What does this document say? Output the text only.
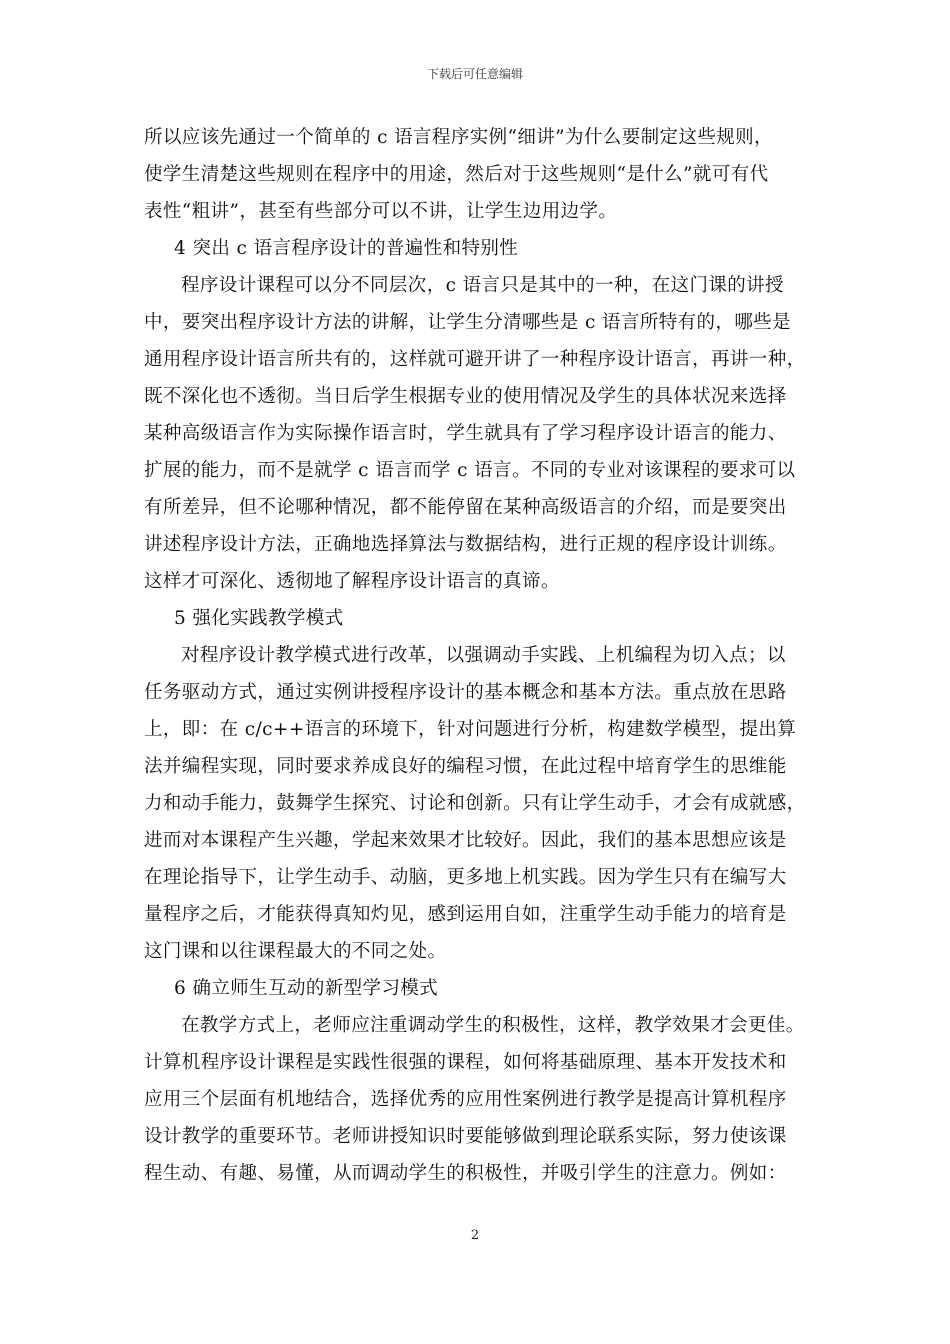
下载后可任意编辑
所以应该先通过一个简单的 c 语言程序实例“细讲”为什么要制定这些规则，
使学生清楚这些规则在程序中的用途，然后对于这些规则“是什么”就可有代
表性“粗讲”，甚至有些部分可以不讲，让学生边用边学。
4 突出 c 语言程序设计的普遍性和特别性
程序设计课程可以分不同层次，c 语言只是其中的一种，在这门课的讲授
中，要突出程序设计方法的讲解，让学生分清哪些是 c 语言所特有的，哪些是
通用程序设计语言所共有的，这样就可避开讲了一种程序设计语言，再讲一种，
既不深化也不透彻。当日后学生根据专业的使用情况及学生的具体状况来选择
某种高级语言作为实际操作语言时，学生就具有了学习程序设计语言的能力、
扩展的能力，而不是就学 c 语言而学 c 语言。不同的专业对该课程的要求可以
有所差异，但不论哪种情况，都不能停留在某种高级语言的介绍，而是要突出
讲述程序设计方法，正确地选择算法与数据结构，进行正规的程序设计训练。
这样才可深化、透彻地了解程序设计语言的真谛。
5 强化实践教学模式
对程序设计教学模式进行改革，以强调动手实践、上机编程为切入点；以
任务驱动方式，通过实例讲授程序设计的基本概念和基本方法。重点放在思路
上，即：在 c/c++语言的环境下，针对问题进行分析，构建数学模型，提出算
法并编程实现，同时要求养成良好的编程习惯，在此过程中培育学生的思维能
力和动手能力，鼓舞学生探究、讨论和创新。只有让学生动手，才会有成就感，
进而对本课程产生兴趣，学起来效果才比较好。因此，我们的基本思想应该是
在理论指导下，让学生动手、动脑，更多地上机实践。因为学生只有在编写大
量程序之后，才能获得真知灼见，感到运用自如，注重学生动手能力的培育是
这门课和以往课程最大的不同之处。
6 确立师生互动的新型学习模式
在教学方式上，老师应注重调动学生的积极性，这样，教学效果才会更佳。
计算机程序设计课程是实践性很强的课程，如何将基础原理、基本开发技术和
应用三个层面有机地结合，选择优秀的应用性案例进行教学是提高计算机程序
设计教学的重要环节。老师讲授知识时要能够做到理论联系实际，努力使该课
程生动、有趣、易懂，从而调动学生的积极性，并吸引学生的注意力。例如：
2
